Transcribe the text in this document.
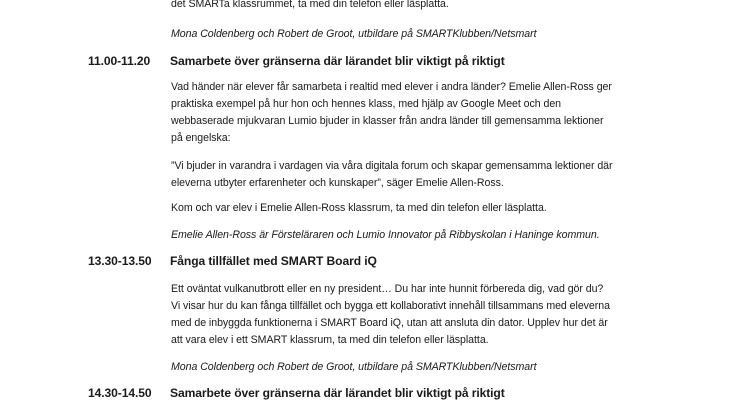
det SMARTa klassrummet, ta med din telefon eller läsplatta.
Mona Coldenberg och Robert de Groot, utbildare på SMARTKlubben/Netsmart
11.00-11.20 Samarbete över gränserna där lärandet blir viktigt på riktigt
Vad händer när elever får samarbeta i realtid med elever i andra länder? Emelie Allen-Ross ger
praktiska exempel på hur hon och hennes klass, med hjälp av Google Meet och den
webbaserade mjukvaran Lumio bjuder in klasser från andra länder till gemensamma lektioner
på engelska:
”Vi bjuder in varandra i vardagen via våra digitala forum och skapar gemensamma lektioner där
eleverna utbyter erfarenheter och kunskaper”, säger Emelie Allen-Ross.
Kom och var elev i Emelie Allen-Ross klassrum, ta med din telefon eller läsplatta.
Emelie Allen-Ross är Försteläraren och Lumio Innovator på Ribbyskolan i Haninge kommun.
13.30-13.50 Fånga tillfället med SMART Board iQ
Ett oväntat vulkanutbrott eller en ny president… Du har inte hunnit förbereda dig, vad gör du?
Vi visar hur du kan fånga tillfället och bygga ett kollaborativt innehåll tillsammans med eleverna
med de inbyggda funktionerna i SMART Board iQ, utan att ansluta din dator. Upplev hur det är
att vara elev i ett SMART klassrum, ta med din telefon eller läsplatta.
Mona Coldenberg och Robert de Groot, utbildare på SMARTKlubben/Netsmart
14.30-14.50 Samarbete över gränserna där lärandet blir viktigt på riktigt
